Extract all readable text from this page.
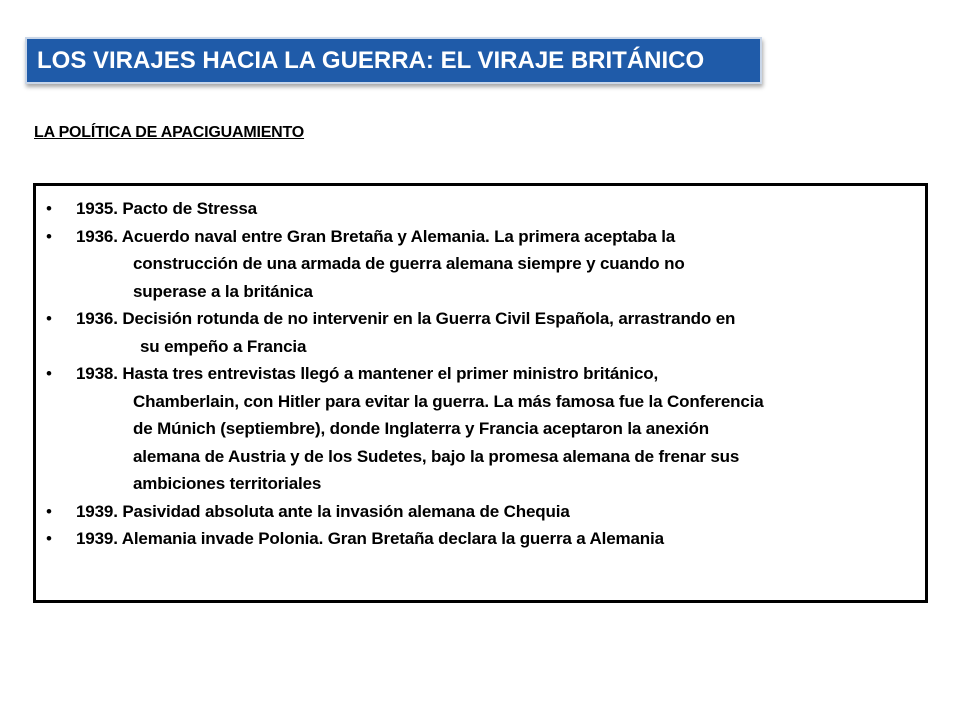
LOS VIRAJES HACIA LA GUERRA: EL VIRAJE BRITÁNICO
LA POLÍTICA DE APACIGUAMIENTO
• 1935. Pacto de Stressa
• 1936. Acuerdo naval entre Gran Bretaña y Alemania. La primera aceptaba la
construcción de una armada de guerra alemana siempre y cuando no
superase a la británica
• 1936. Decisión rotunda de no intervenir en la Guerra Civil Española, arrastrando en
su empeño a Francia
• 1938. Hasta tres entrevistas llegó a mantener el primer ministro británico,
Chamberlain, con Hitler para evitar la guerra. La más famosa fue la Conferencia
de Múnich (septiembre), donde Inglaterra y Francia aceptaron la anexión
alemana de Austria y de los Sudetes, bajo la promesa alemana de frenar sus
ambiciones territoriales
• 1939. Pasividad absoluta ante la invasión alemana de Chequia
• 1939. Alemania invade Polonia. Gran Bretaña declara la guerra a Alemania
